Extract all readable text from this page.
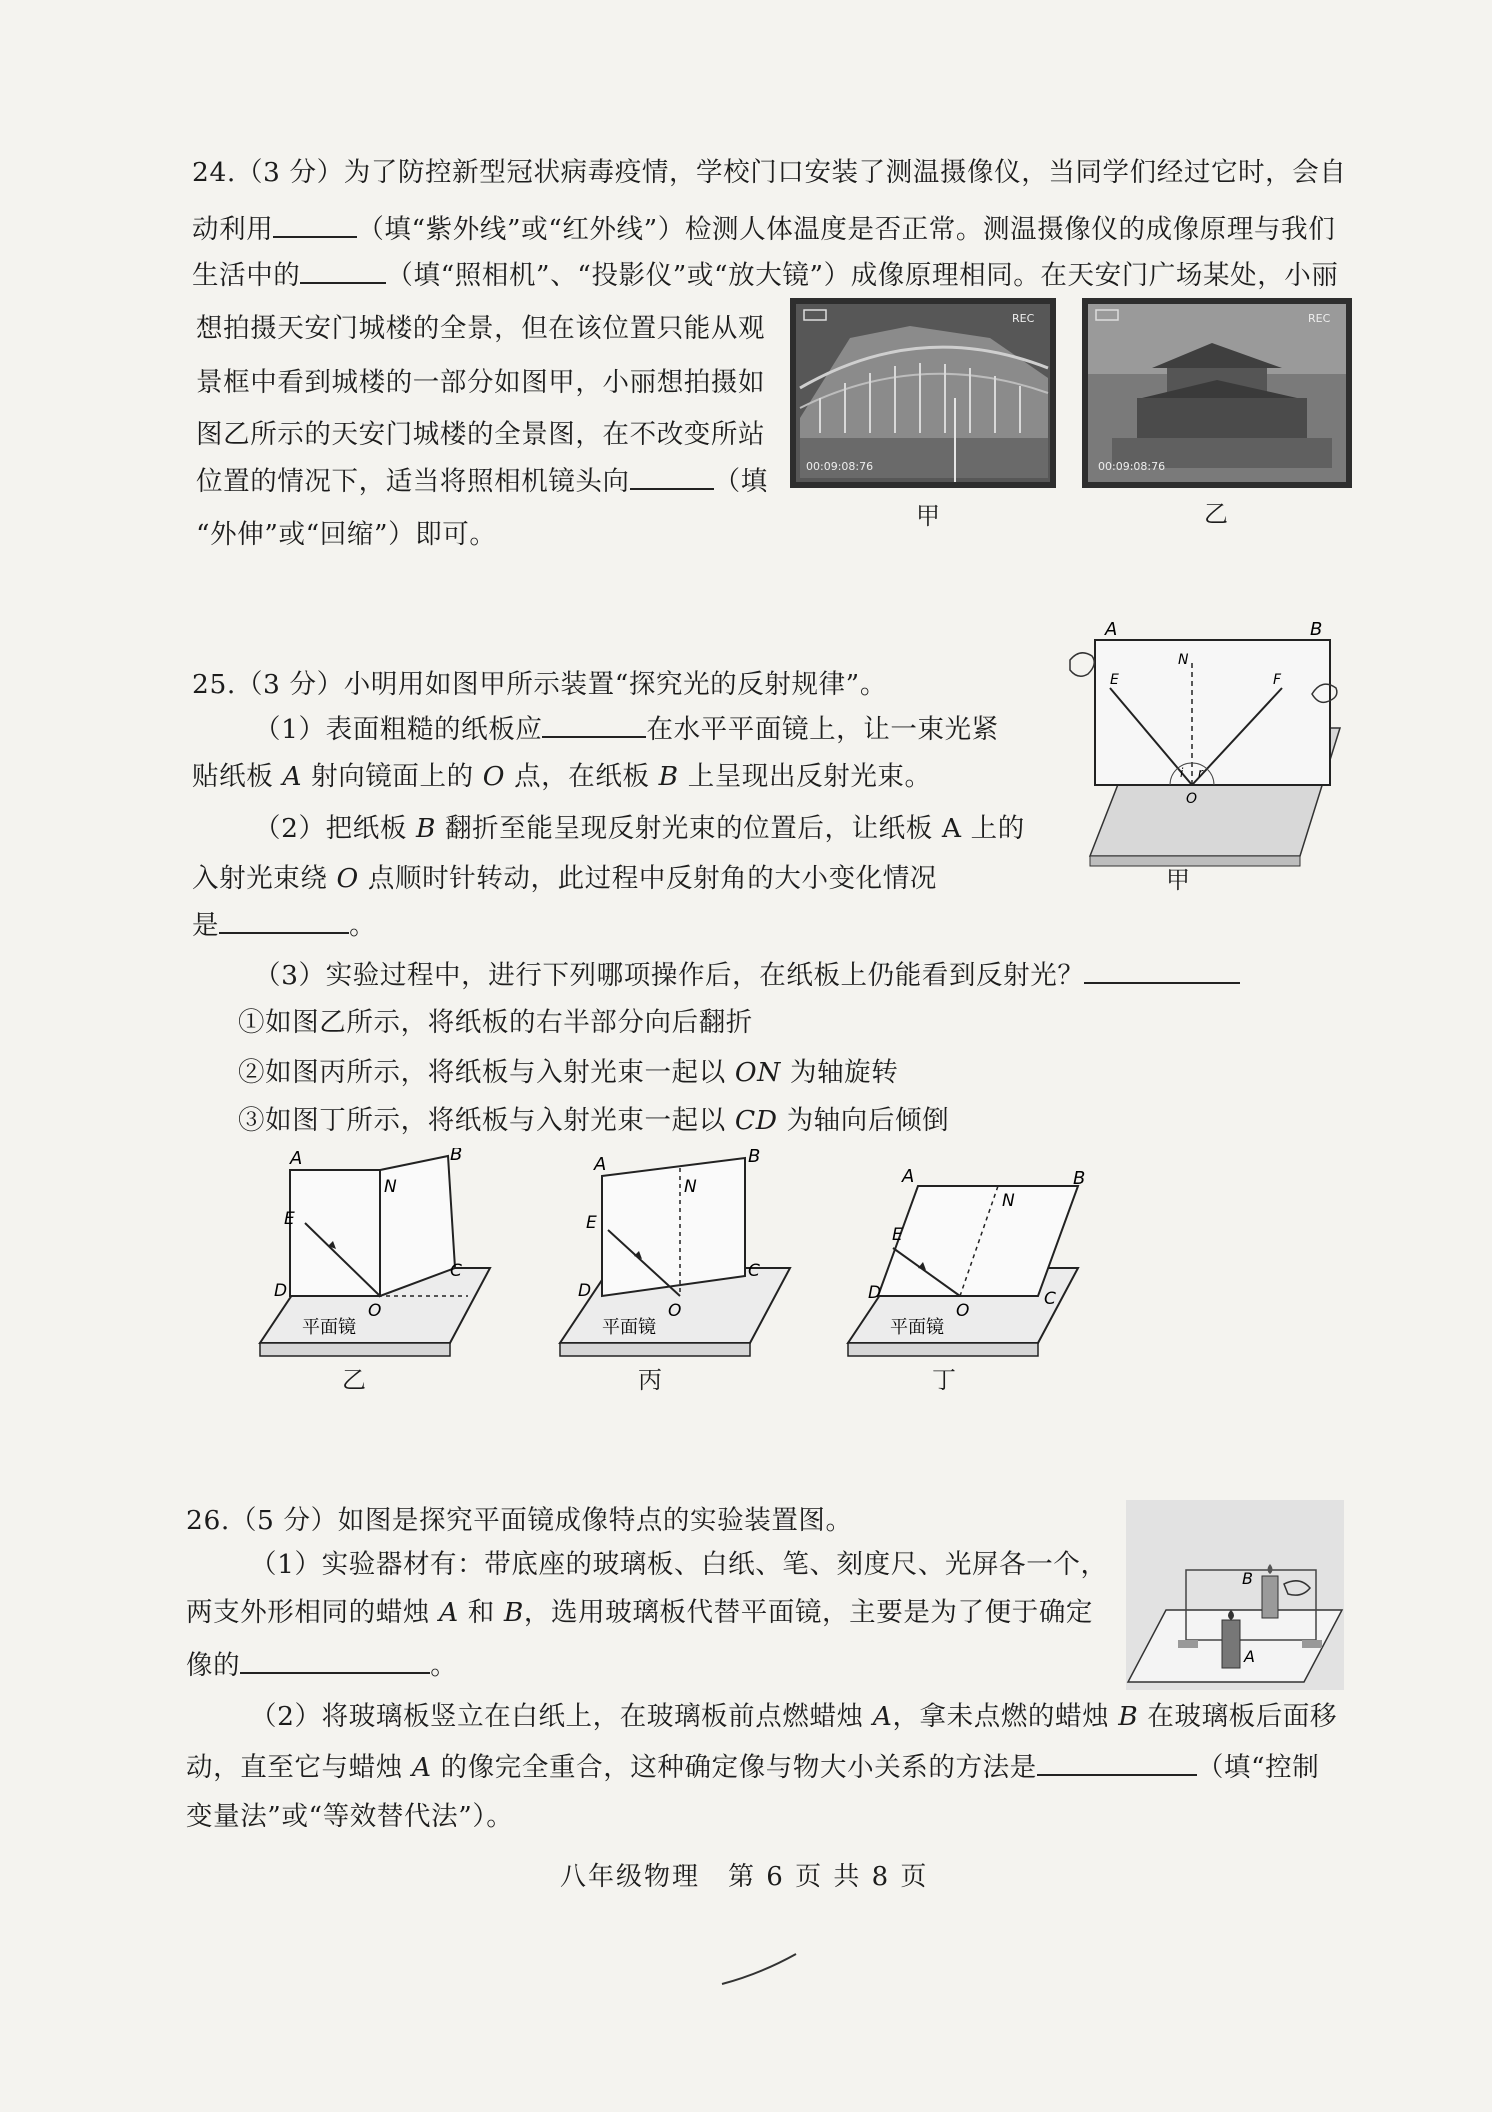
24.（3 分）为了防控新型冠状病毒疫情，学校门口安装了测温摄像仪，当同学们经过它时，会自
动利用	（填“紫外线”或“红外线”）检测人体温度是否正常。测温摄像仪的成像原理与我们
生活中的	（填“照相机”、“投影仪”或“放大镜”）成像原理相同。在天安门广场某处，小丽
想拍摄天安门城楼的全景，但在该位置只能从观
景框中看到城楼的一部分如图甲，小丽想拍摄如
图乙所示的天安门城楼的全景图，在不改变所站
位置的情况下，适当将照相机镜头向	（填
“外伸”或“回缩”）即可。
REC
00:09:08:76
甲
REC
00:09:08:76
乙
25.（3 分）小明用如图甲所示装置“探究光的反射规律”。
（1）表面粗糙的纸板应	在水平平面镜上，让一束光紧
贴纸板 A 射向镜面上的 O 点，在纸板 B 上呈现出反射光束。
（2）把纸板 B 翻折至能呈现反射光束的位置后，让纸板 A 上的
入射光束绕 O 点顺时针转动，此过程中反射角的大小变化情况
是	。
（3）实验过程中，进行下列哪项操作后，在纸板上仍能看到反射光？
①如图乙所示，将纸板的右半部分向后翻折
②如图丙所示，将纸板与入射光束一起以 ON 为轴旋转
③如图丁所示，将纸板与入射光束一起以 CD 为轴向后倾倒
A	B
N
E	F
i r
O
甲
A	B
N
E
D
C
O
平面镜
乙
A	B
N
E
D
C
O
平面镜
丙
A	B
N
E
D	C
O
平面镜
丁
26.（5 分）如图是探究平面镜成像特点的实验装置图。
（1）实验器材有：带底座的玻璃板、白纸、笔、刻度尺、光屏各一个，
两支外形相同的蜡烛 A 和 B，选用玻璃板代替平面镜，主要是为了便于确定
像的	。
（2）将玻璃板竖立在白纸上，在玻璃板前点燃蜡烛 A，拿未点燃的蜡烛 B 在玻璃板后面移
动，直至它与蜡烛 A 的像完全重合，这种确定像与物大小关系的方法是	（填“控制
变量法”或“等效替代法”）。
A
B
八年级物理　第 6 页 共 8 页
